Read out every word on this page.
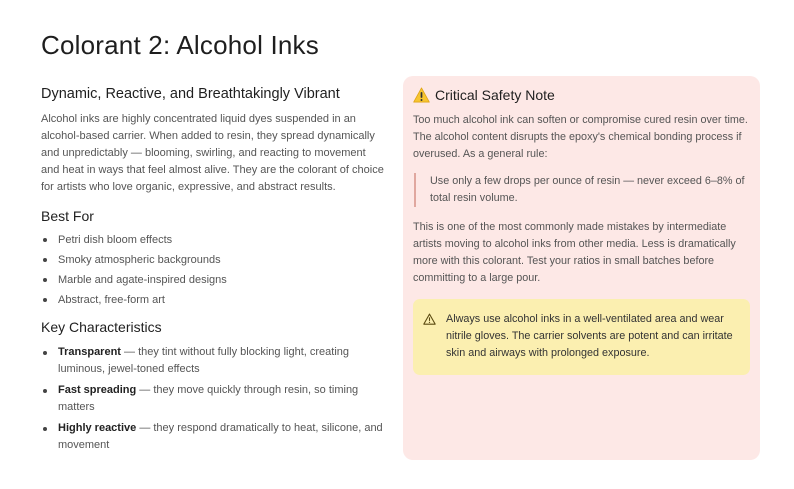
Colorant 2: Alcohol Inks
Dynamic, Reactive, and Breathtakingly Vibrant

Alcohol inks are highly concentrated liquid dyes suspended in an alcohol-based carrier. When added to resin, they spread dynamically and unpredictably — blooming, swirling, and reacting to movement and heat in ways that feel almost alive. They are the colorant of choice for artists who love organic, expressive, and abstract results.

Best For
Petri dish bloom effects
Smoky atmospheric backgrounds
Marble and agate-inspired designs
Abstract, free-form art
Key Characteristics
Transparent — they tint without fully blocking light, creating luminous, jewel-toned effects
Fast spreading — they move quickly through resin, so timing matters
Highly reactive — they respond dramatically to heat, silicone, and movement
Critical Safety Note

Too much alcohol ink can soften or compromise cured resin over time. The alcohol content disrupts the epoxy's chemical bonding process if overused. As a general rule:

Use only a few drops per ounce of resin — never exceed 6–8% of total resin volume.

This is one of the most commonly made mistakes by intermediate artists moving to alcohol inks from other media. Less is dramatically more with this colorant. Test your ratios in small batches before committing to a large pour.

Always use alcohol inks in a well-ventilated area and wear nitrile gloves. The carrier solvents are potent and can irritate skin and airways with prolonged exposure.
